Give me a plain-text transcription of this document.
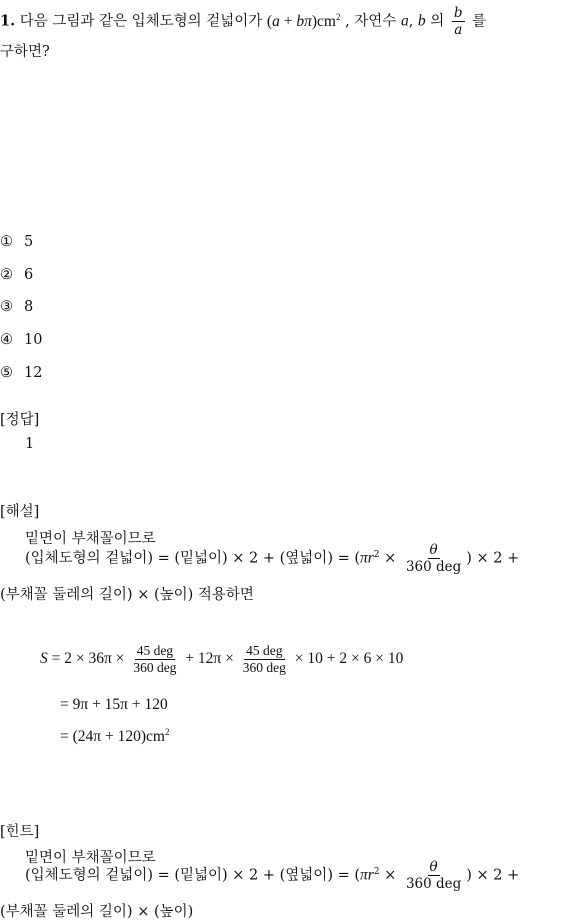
1. 다음 그림과 같은 입체도형의 겉넓이가 $(a + b\pi)cm^2$ , 자연수 a, b 의 $\frac{b}{a}$ 를
구하면?
① 5
② 6
③ 8
④ 10
⑤ 12
[정답]
1
[해설]
밑면이 부채꼴이므로
(입체도형의 겉넓이) = (밑넓이) × 2 + (옆넓이) = ($\pi r^2 \times \frac{\theta}{\text{360 deg}}$ ) × 2 +
(부채꼴 둘레의 길이) × (높이) 적용하면
$S = 2 \times 36\pi \times \frac{\text{45 deg}}{\text{360 deg}} + 12\pi \times \frac{\text{45 deg}}{\text{360 deg}} \times 10 + 2 \times 6 \times 10$
= 9π + 15π + 120
= $(24\pi + 120)cm^2$
[힌트]
밑면이 부채꼴이므로
(입체도형의 겉넓이) = (밑넓이) × 2 + (옆넓이) = ($\pi r^2 \times \frac{\theta}{\text{360 deg}}$ ) × 2 +
(부채꼴 둘레의 길이) × (높이)
